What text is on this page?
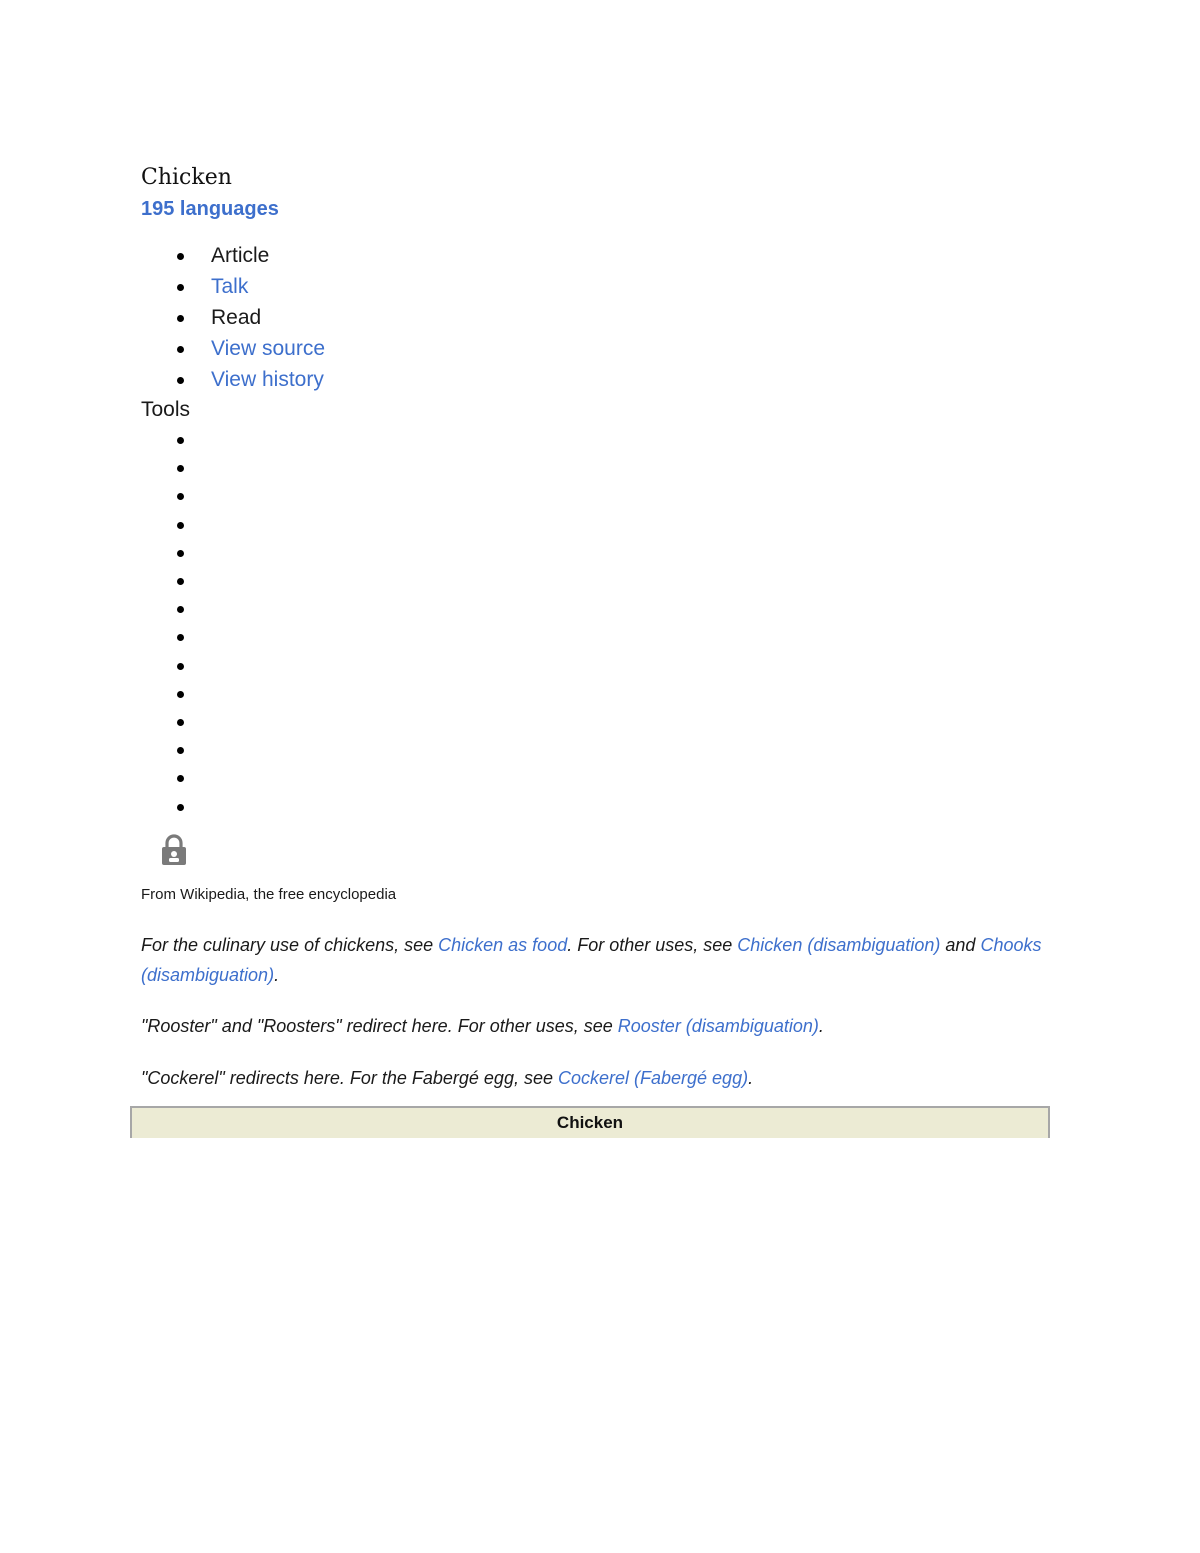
Chicken
195 languages
Article
Talk
Read
View source
View history
Tools
From Wikipedia, the free encyclopedia

For the culinary use of chickens, see Chicken as food. For other uses, see Chicken (disambiguation) and Chooks (disambiguation).

"Rooster" and "Roosters" redirect here. For other uses, see Rooster (disambiguation).

"Cockerel" redirects here. For the Fabergé egg, see Cockerel (Fabergé egg).

Chicken
